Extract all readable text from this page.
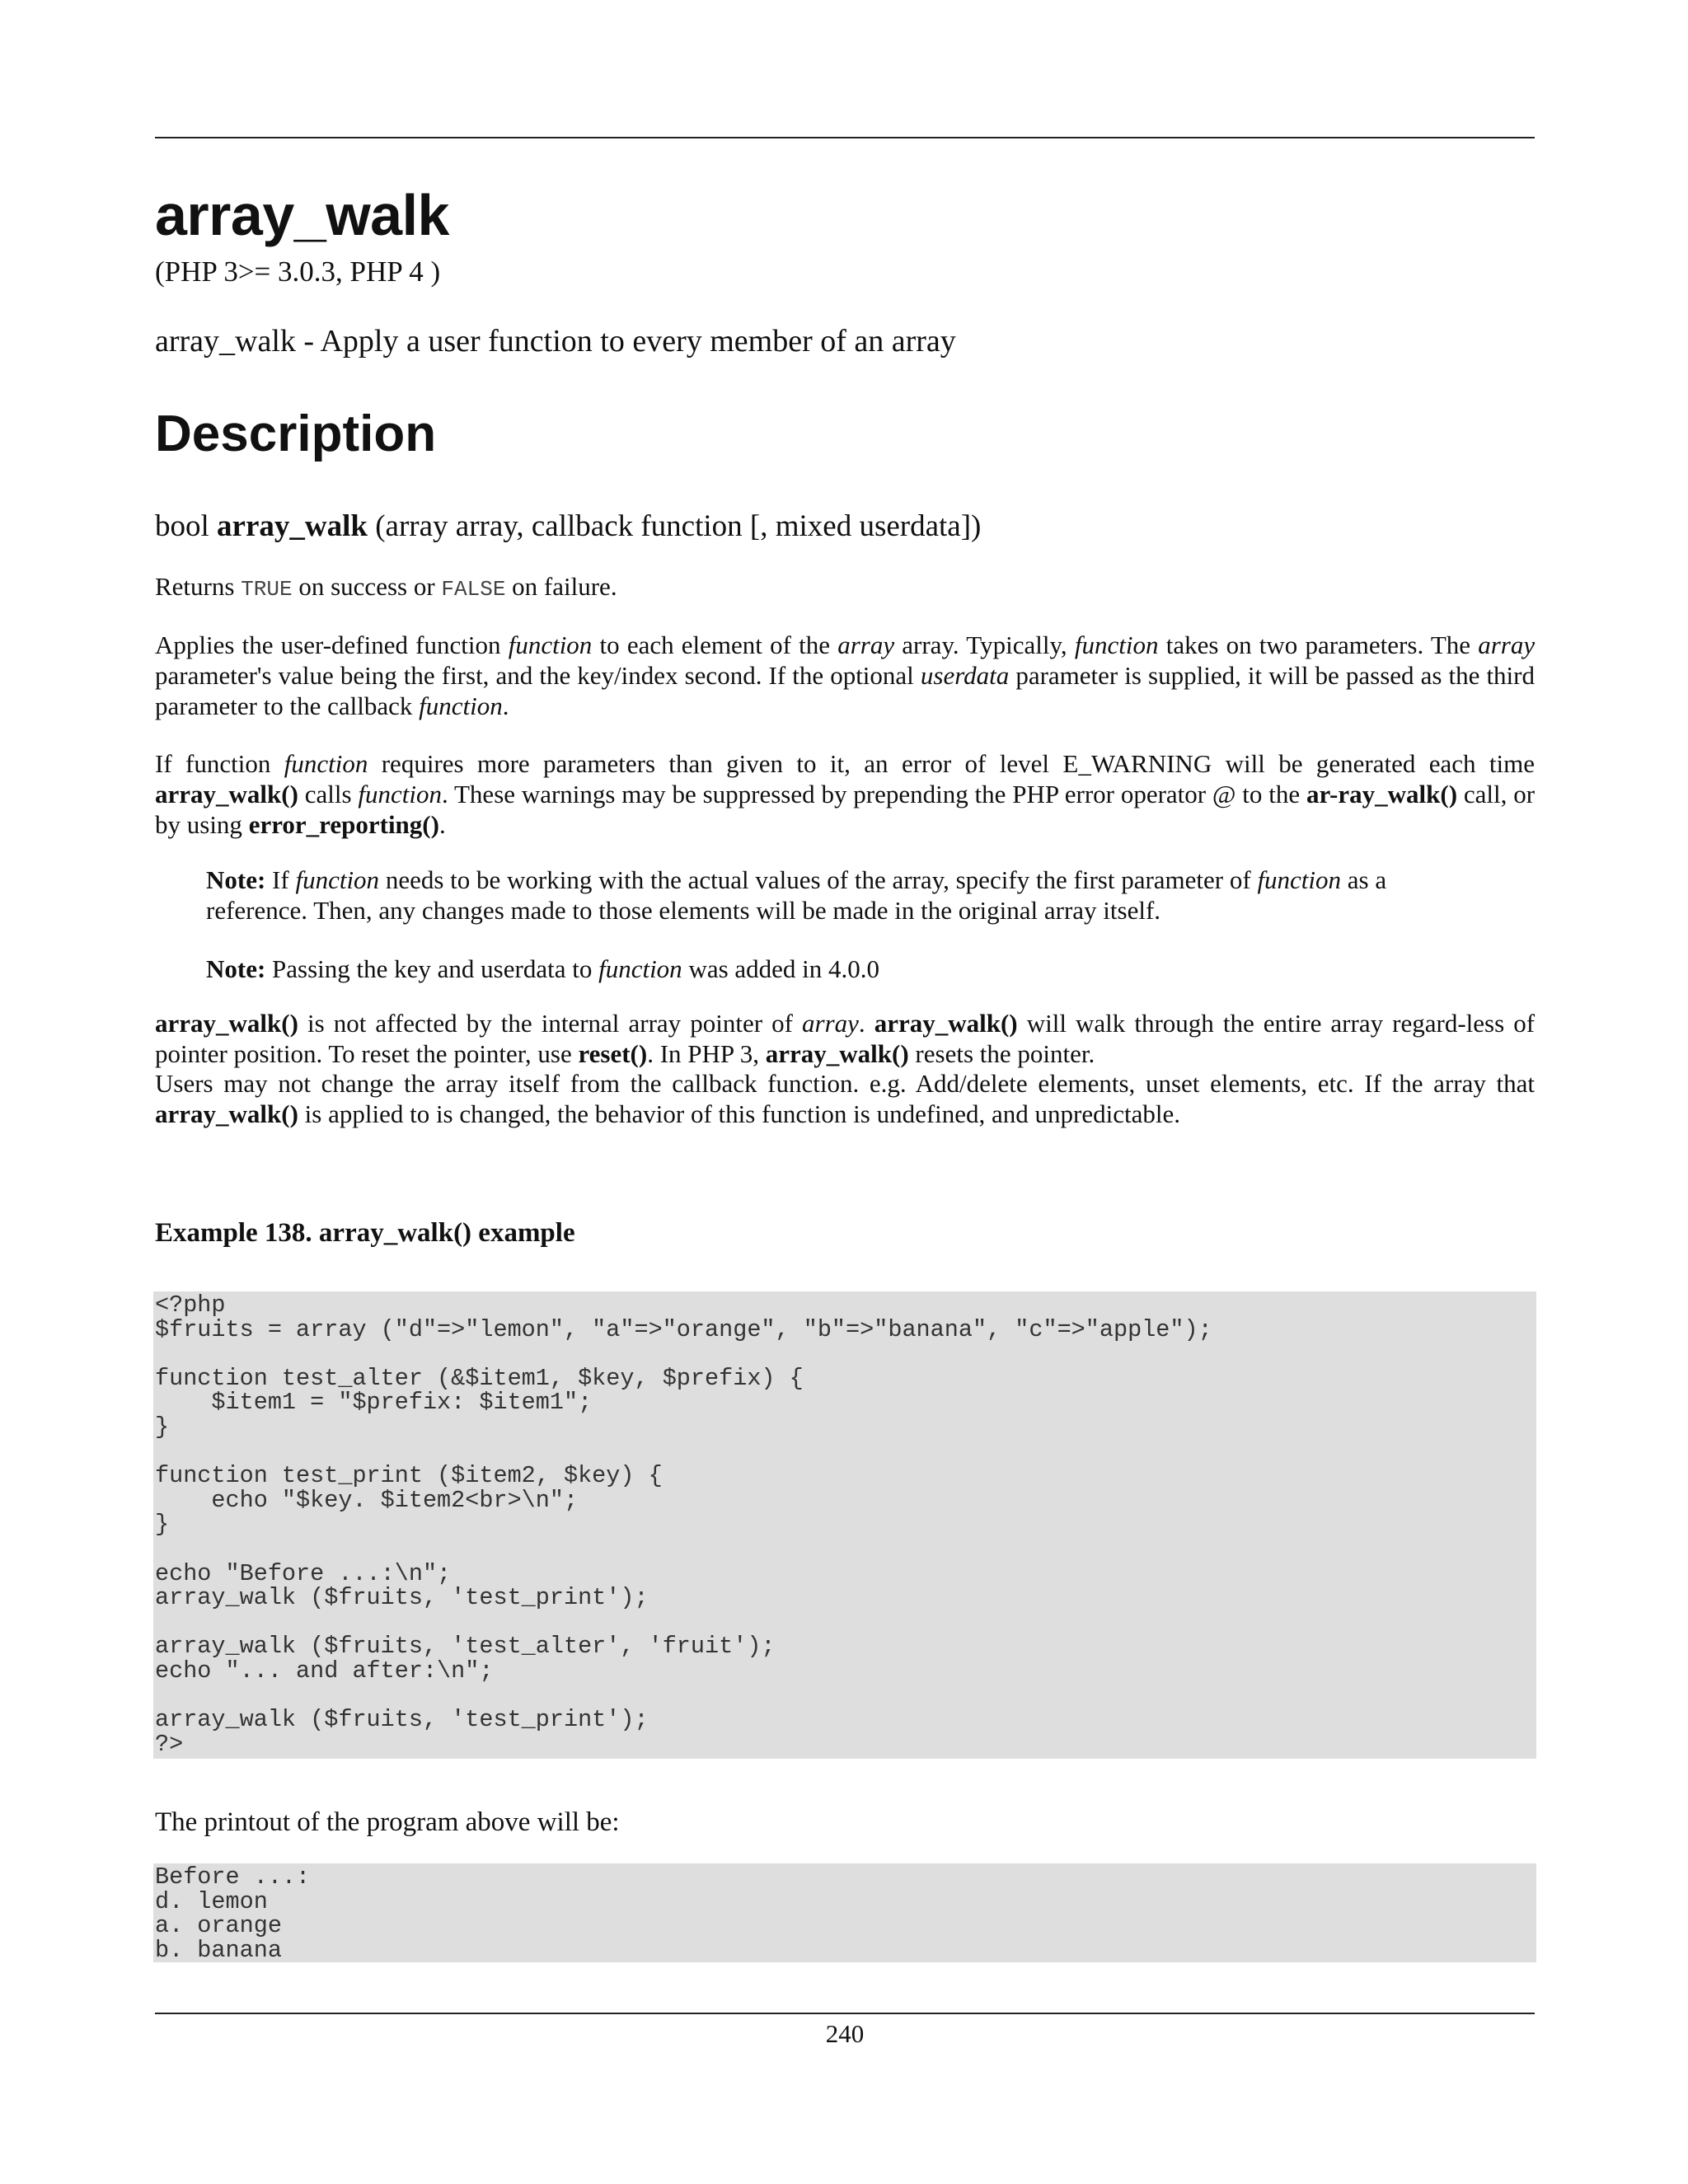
array_walk
(PHP 3>= 3.0.3, PHP 4 )
array_walk - Apply a user function to every member of an array
Description
bool array_walk (array array, callback function [, mixed userdata])
Returns TRUE on success or FALSE on failure.
Applies the user-defined function function to each element of the array array. Typically, function takes on two parameters. The array parameter's value being the first, and the key/index second. If the optional userdata parameter is supplied, it will be passed as the third parameter to the callback function.
If function function requires more parameters than given to it, an error of level E_WARNING will be generated each time array_walk() calls function. These warnings may be suppressed by prepending the PHP error operator @ to the ar-ray_walk() call, or by using error_reporting().
Note: If function needs to be working with the actual values of the array, specify the first parameter of function as a reference. Then, any changes made to those elements will be made in the original array itself.
Note: Passing the key and userdata to function was added in 4.0.0
array_walk() is not affected by the internal array pointer of array. array_walk() will walk through the entire array regard-less of pointer position. To reset the pointer, use reset(). In PHP 3, array_walk() resets the pointer.
Users may not change the array itself from the callback function. e.g. Add/delete elements, unset elements, etc. If the array that array_walk() is applied to is changed, the behavior of this function is undefined, and unpredictable.
Example 138. array_walk() example
<?php
$fruits = array ("d"=>"lemon", "a"=>"orange", "b"=>"banana", "c"=>"apple");

function test_alter (&$item1, $key, $prefix) {
$item1 = "$prefix: $item1";
}

function test_print ($item2, $key) {
echo "$key. $item2<br>\n";
}

echo "Before ...:\n";
array_walk ($fruits, 'test_print');

array_walk ($fruits, 'test_alter', 'fruit');
echo "... and after:\n";

array_walk ($fruits, 'test_print');
?>
The printout of the program above will be:
Before ...:
d. lemon
a. orange
b. banana
240
